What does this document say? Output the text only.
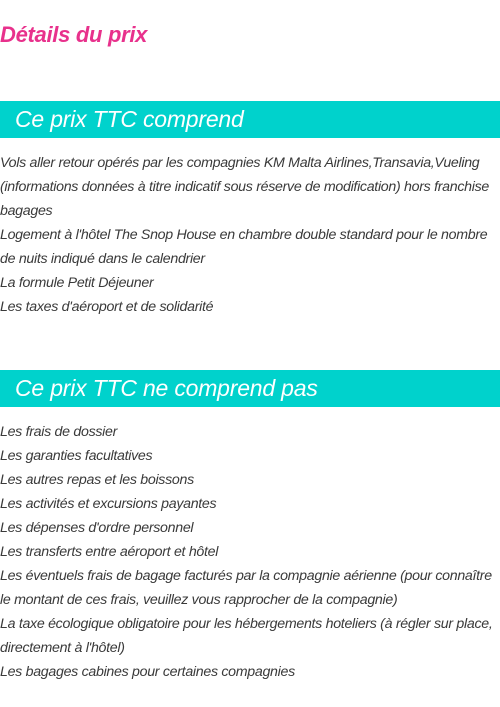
Détails du prix
Ce prix TTC comprend
Vols aller retour opérés par les compagnies KM Malta Airlines,Transavia,Vueling (informations données à titre indicatif sous réserve de modification) hors franchise bagages
Logement à l'hôtel The Snop House en chambre double standard pour le nombre de nuits indiqué dans le calendrier
La formule Petit Déjeuner
Les taxes d'aéroport et de solidarité
Ce prix TTC ne comprend pas
Les frais de dossier
Les garanties facultatives
Les autres repas et les boissons
Les activités et excursions payantes
Les dépenses d'ordre personnel
Les transferts entre aéroport et hôtel
Les éventuels frais de bagage facturés par la compagnie aérienne (pour connaître le montant de ces frais, veuillez vous rapprocher de la compagnie)
La taxe écologique obligatoire pour les hébergements hoteliers (à régler sur place, directement à l'hôtel)
Les bagages cabines pour certaines compagnies
